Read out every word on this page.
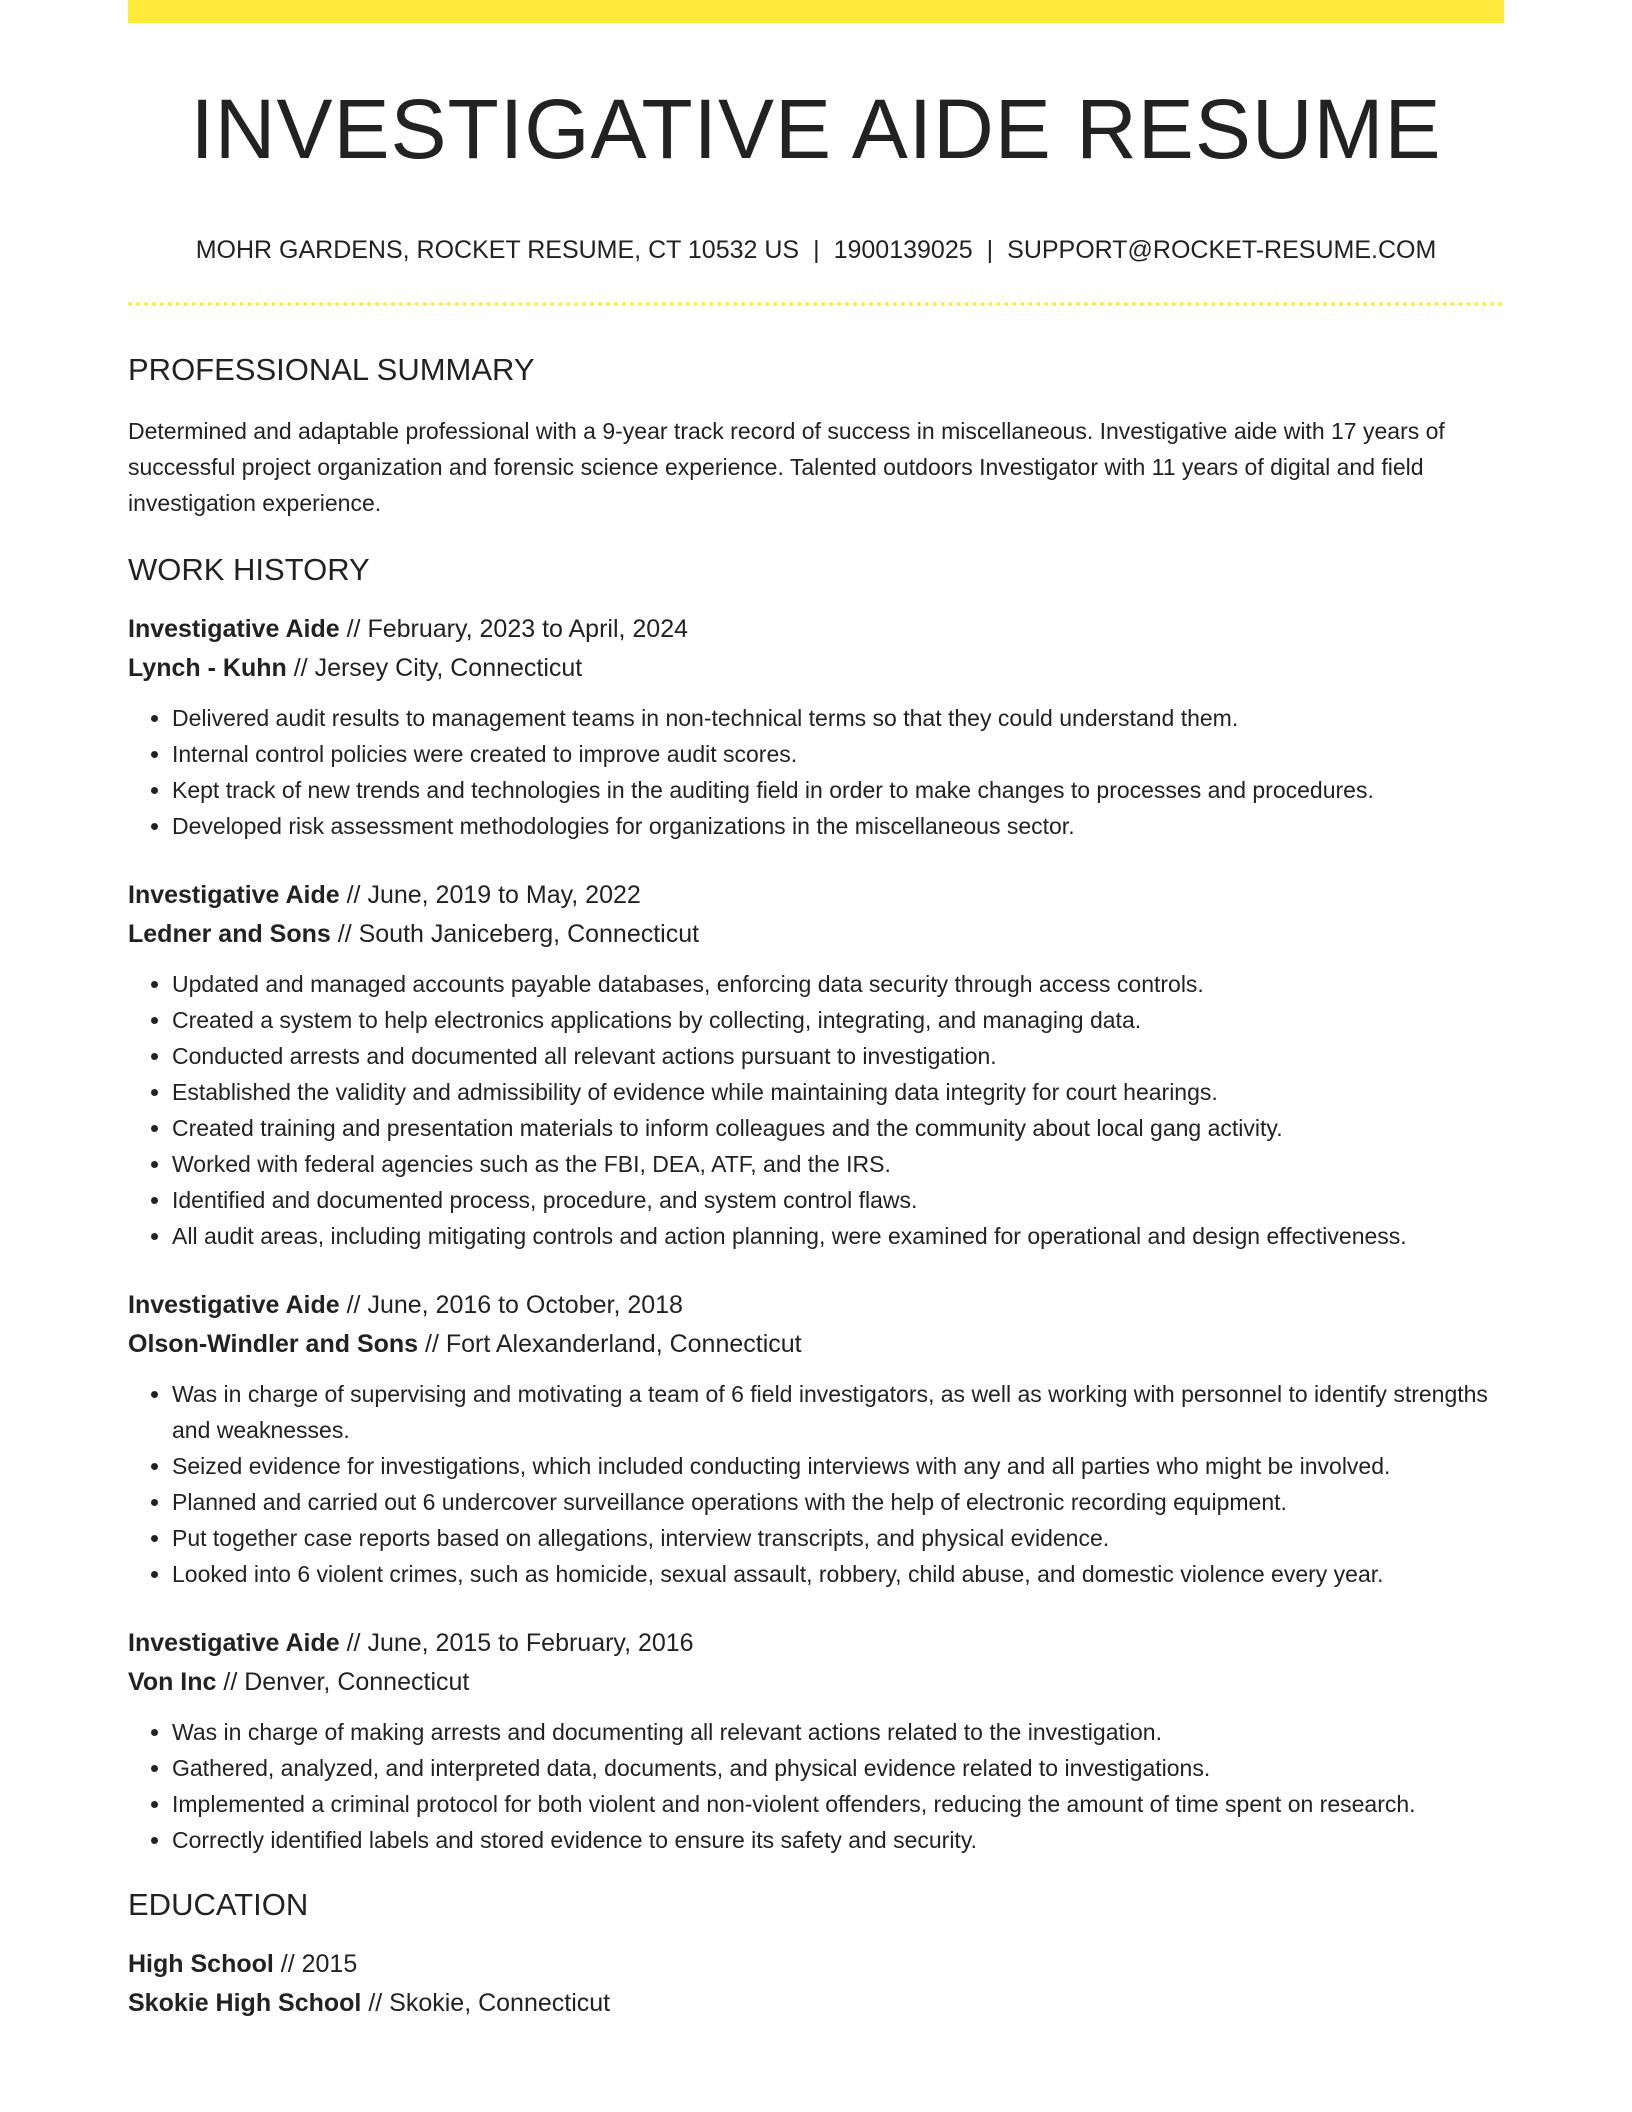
INVESTIGATIVE AIDE RESUME
MOHR GARDENS, ROCKET RESUME, CT 10532 US | 1900139025 | SUPPORT@ROCKET-RESUME.COM
PROFESSIONAL SUMMARY
Determined and adaptable professional with a 9-year track record of success in miscellaneous. Investigative aide with 17 years of successful project organization and forensic science experience. Talented outdoors Investigator with 11 years of digital and field investigation experience.
WORK HISTORY
Investigative Aide // February, 2023 to April, 2024
Lynch - Kuhn // Jersey City, Connecticut
• Delivered audit results to management teams in non-technical terms so that they could understand them.
• Internal control policies were created to improve audit scores.
• Kept track of new trends and technologies in the auditing field in order to make changes to processes and procedures.
• Developed risk assessment methodologies for organizations in the miscellaneous sector.
Investigative Aide // June, 2019 to May, 2022
Ledner and Sons // South Janiceberg, Connecticut
• Updated and managed accounts payable databases, enforcing data security through access controls.
• Created a system to help electronics applications by collecting, integrating, and managing data.
• Conducted arrests and documented all relevant actions pursuant to investigation.
• Established the validity and admissibility of evidence while maintaining data integrity for court hearings.
• Created training and presentation materials to inform colleagues and the community about local gang activity.
• Worked with federal agencies such as the FBI, DEA, ATF, and the IRS.
• Identified and documented process, procedure, and system control flaws.
• All audit areas, including mitigating controls and action planning, were examined for operational and design effectiveness.
Investigative Aide // June, 2016 to October, 2018
Olson-Windler and Sons // Fort Alexanderland, Connecticut
• Was in charge of supervising and motivating a team of 6 field investigators, as well as working with personnel to identify strengths and weaknesses.
• Seized evidence for investigations, which included conducting interviews with any and all parties who might be involved.
• Planned and carried out 6 undercover surveillance operations with the help of electronic recording equipment.
• Put together case reports based on allegations, interview transcripts, and physical evidence.
• Looked into 6 violent crimes, such as homicide, sexual assault, robbery, child abuse, and domestic violence every year.
Investigative Aide // June, 2015 to February, 2016
Von Inc // Denver, Connecticut
• Was in charge of making arrests and documenting all relevant actions related to the investigation.
• Gathered, analyzed, and interpreted data, documents, and physical evidence related to investigations.
• Implemented a criminal protocol for both violent and non-violent offenders, reducing the amount of time spent on research.
• Correctly identified labels and stored evidence to ensure its safety and security.
EDUCATION
High School // 2015
Skokie High School // Skokie, Connecticut
